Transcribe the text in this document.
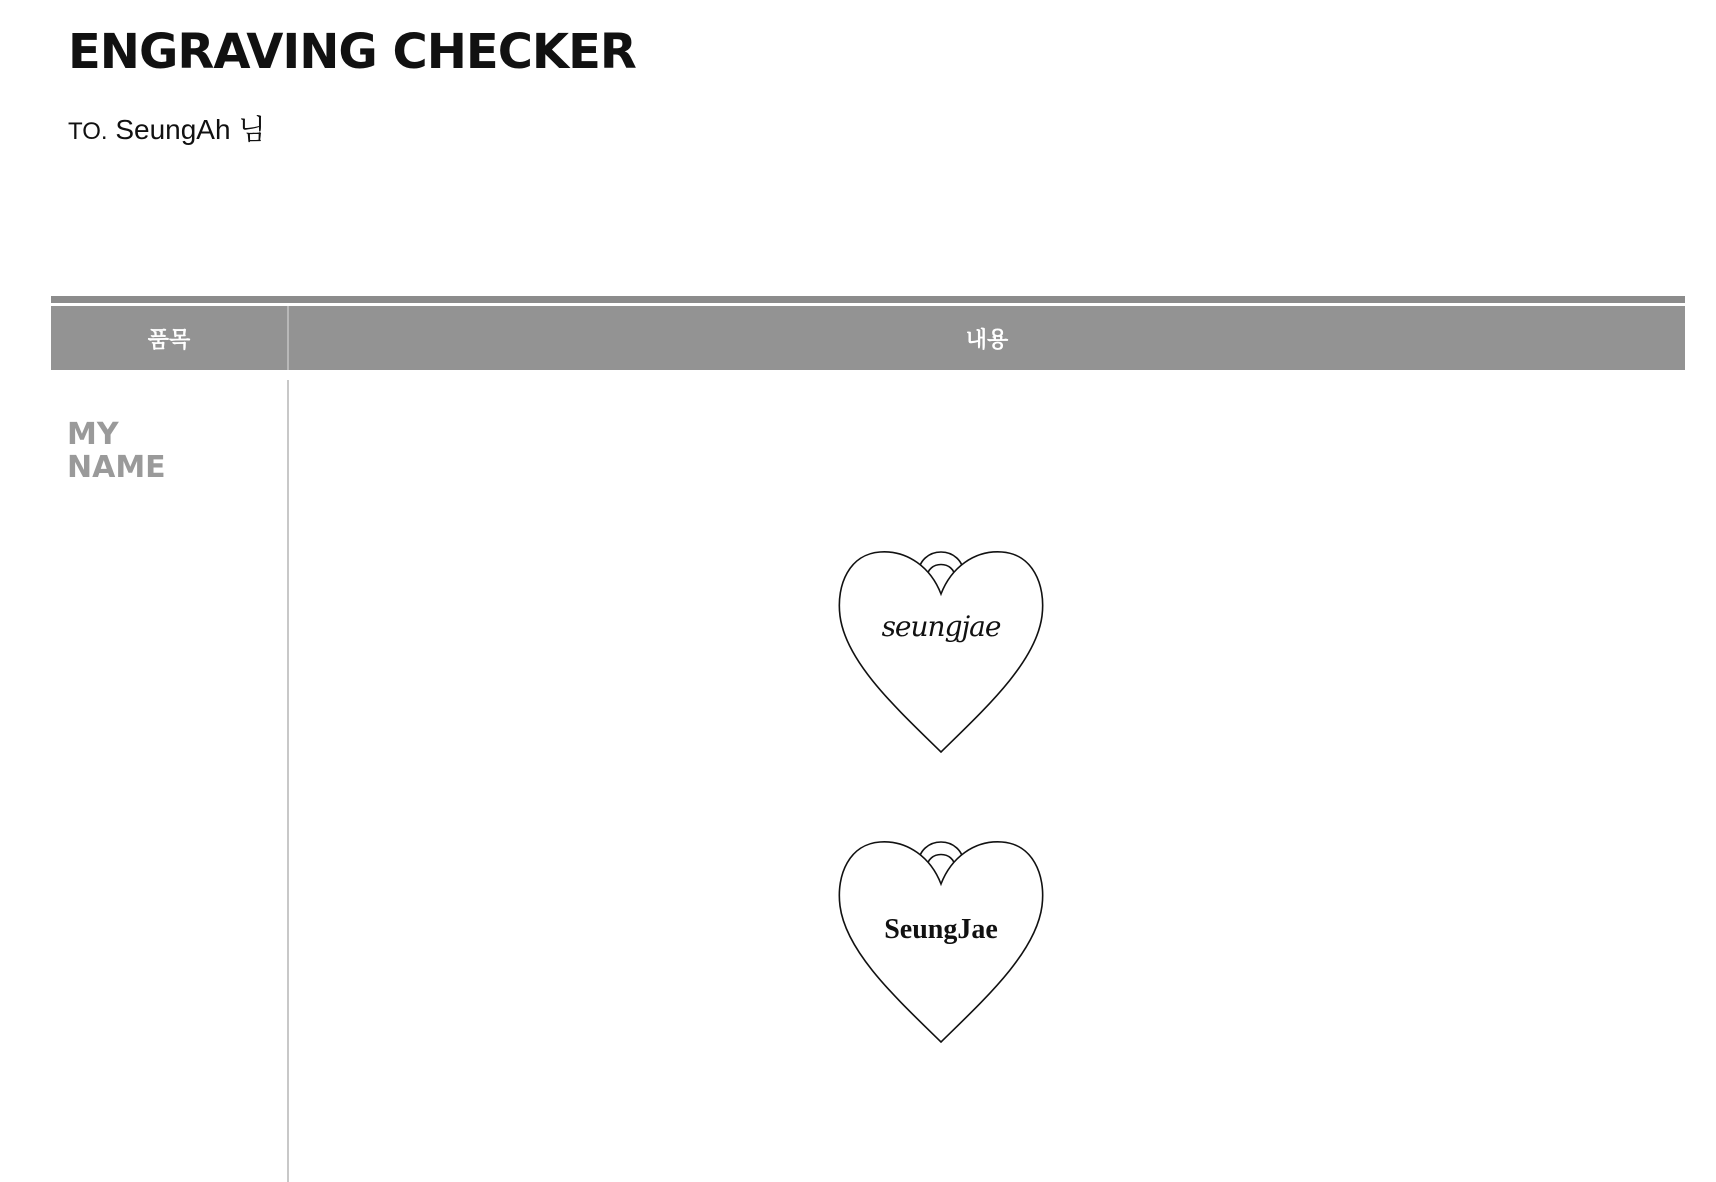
ENGRAVING CHECKER
TO. SeungAh 님
품목	내용
MY
NAME
seungjae
SeungJae
